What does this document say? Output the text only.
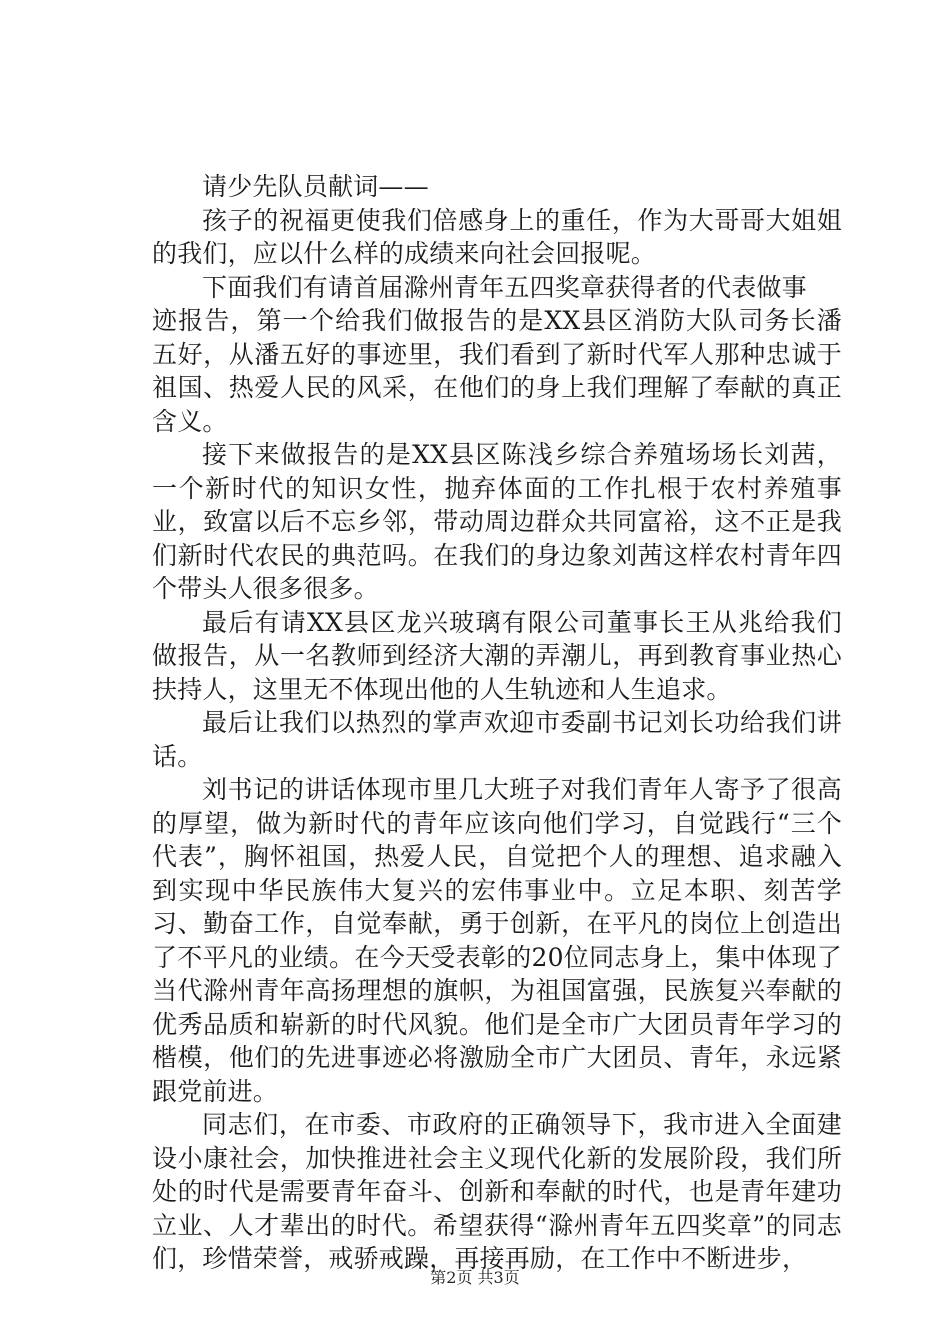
请少先队员献词——

孩子的祝福更使我们倍感身上的重任，作为大哥哥大姐姐的我们，应以什么样的成绩来向社会回报呢。

下面我们有请首届滁州青年五四奖章获得者的代表做事

迹报告，第一个给我们做报告的是XX县区消防大队司务长潘五好，从潘五好的事迹里，我们看到了新时代军人那种忠诚于祖国、热爱人民的风采，在他们的身上我们理解了奉献的真正含义。

接下来做报告的是XX县区陈浅乡综合养殖场场长刘茜，一个新时代的知识女性，抛弃体面的工作扎根于农村养殖事业，致富以后不忘乡邻，带动周边群众共同富裕，这不正是我们新时代农民的典范吗。在我们的身边象刘茜这样农村青年四个带头人很多很多。

最后有请XX县区龙兴玻璃有限公司董事长王从兆给我们做报告，从一名教师到经济大潮的弄潮儿，再到教育事业热心扶持人，这里无不体现出他的人生轨迹和人生追求。

最后让我们以热烈的掌声欢迎市委副书记刘长功给我们讲话。

刘书记的讲话体现市里几大班子对我们青年人寄予了很高的厚望，做为新时代的青年应该向他们学习，自觉践行“三个代表”，胸怀祖国，热爱人民，自觉把个人的理想、追求融入到实现中华民族伟大复兴的宏伟事业中。立足本职、刻苦学习、勤奋工作，自觉奉献，勇于创新，在平凡的岗位上创造出了不平凡的业绩。在今天受表彰的20位同志身上，集中体现了当代滁州青年高扬理想的旗帜，为祖国富强，民族复兴奉献的优秀品质和崭新的时代风貌。他们是全市广大团员青年学习的楷模，他们的先进事迹必将激励全市广大团员、青年，永远紧跟党前进。

同志们，在市委、市政府的正确领导下，我市进入全面建设小康社会，加快推进社会主义现代化新的发展阶段，我们所处的时代是需要青年奋斗、创新和奉献的时代，也是青年建功立业、人才辈出的时代。希望获得“滁州青年五四奖章”的同志们，珍惜荣誉，戒骄戒躁，再接再励，在工作中不断进步，

第2页 共3页
